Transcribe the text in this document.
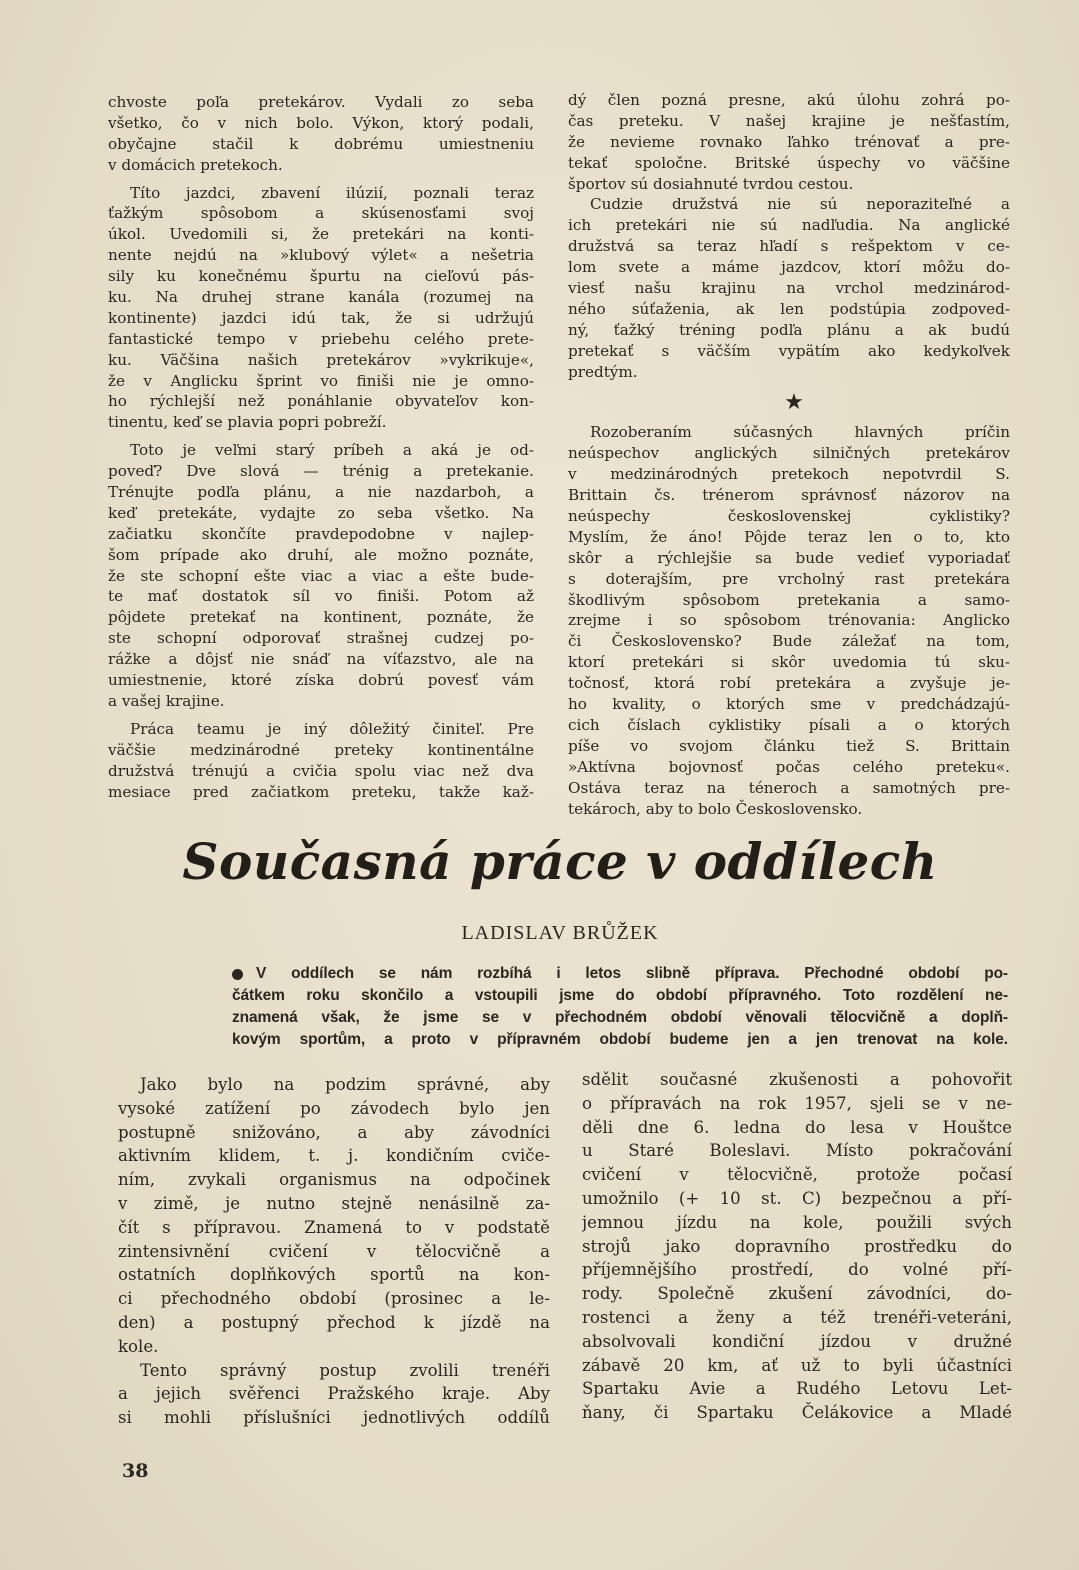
chvoste poľa pretekárov. Vydali zo seba
všetko, čo v nich bolo. Výkon, ktorý podali,
obyčajne stačil k dobrému umiestneniu
v domácich pretekoch.
Títo jazdci, zbavení ilúzií, poznali teraz
ťažkým spôsobom a skúsenosťami svoj
úkol. Uvedomili si, že pretekári na konti-
nente nejdú na »klubový výlet« a nešetria
sily ku konečnému špurtu na cieľovú pás-
ku. Na druhej strane kanála (rozumej na
kontinente) jazdci idú tak, že si udržujú
fantastické tempo v priebehu celého prete-
ku. Väčšina našich pretekárov »vykrikuje«,
že v Anglicku šprint vo finiši nie je omno-
ho rýchlejší než ponáhlanie obyvateľov kon-
tinentu, keď se plavia popri pobreží.
Toto je veľmi starý príbeh a aká je od-
poveď? Dve slová — trénig a pretekanie.
Trénujte podľa plánu, a nie nazdarboh, a
keď pretekáte, vydajte zo seba všetko. Na
začiatku skončíte pravdepodobne v najlep-
šom prípade ako druhí, ale možno poznáte,
že ste schopní ešte viac a viac a ešte bude-
te mať dostatok síl vo finiši. Potom až
pôjdete pretekať na kontinent, poznáte, že
ste schopní odporovať strašnej cudzej po-
rážke a dôjsť nie snáď na víťazstvo, ale na
umiestnenie, ktoré získa dobrú povesť vám
a vašej krajine.
Práca teamu je iný dôležitý činiteľ. Pre
väčšie medzinárodné preteky kontinentálne
družstvá trénujú a cvičia spolu viac než dva
mesiace pred začiatkom preteku, takže kaž-
dý člen pozná presne, akú úlohu zohrá po-
čas preteku. V našej krajine je nešťastím,
že nevieme rovnako ľahko trénovať a pre-
tekať spoločne. Britské úspechy vo väčšine
športov sú dosiahnuté tvrdou cestou.
Cudzie družstvá nie sú neporaziteľné a
ich pretekári nie sú nadľudia. Na anglické
družstvá sa teraz hľadí s rešpektom v ce-
lom svete a máme jazdcov, ktorí môžu do-
viesť našu krajinu na vrchol medzinárod-
ného súťaženia, ak len podstúpia zodpoved-
ný, ťažký tréning podľa plánu a ak budú
pretekať s väčším vypätím ako kedykoľvek
predtým.
★
Rozoberaním súčasných hlavných príčin
neúspechov anglických silničných pretekárov
v medzinárodných pretekoch nepotvrdil S.
Brittain čs. trénerom správnosť názorov na
neúspechy československej cyklistiky?
Myslím, že áno! Pôjde teraz len o to, kto
skôr a rýchlejšie sa bude vedieť vyporiadať
s doterajším, pre vrcholný rast pretekára
škodlivým spôsobom pretekania a samo-
zrejme i so spôsobom trénovania: Anglicko
či Československo? Bude záležať na tom,
ktorí pretekári si skôr uvedomia tú sku-
točnosť, ktorá robí pretekára a zvyšuje je-
ho kvality, o ktorých sme v predchádzajú-
cich číslach cyklistiky písali a o ktorých
píše vo svojom článku tiež S. Brittain
»Aktívna bojovnosť počas celého preteku«.
Ostáva teraz na téneroch a samotných pre-
tekároch, aby to bolo Československo.
Současná práce v oddílech
LADISLAV BRŮŽEK
V oddílech se nám rozbíhá i letos slibně příprava. Přechodné období po-
čátkem roku skončilo a vstoupili jsme do období přípravného. Toto rozdělení ne-
znamená však, že jsme se v přechodném období věnovali tělocvičně a doplň-
kovým sportům, a proto v přípravném období budeme jen a jen trenovat na kole.
Jako bylo na podzim správné, aby
vysoké zatížení po závodech bylo jen
postupně snižováno, a aby závodníci
aktivním klidem, t. j. kondičním cviče-
ním, zvykali organismus na odpočinek
v zimě, je nutno stejně nenásilně za-
čít s přípravou. Znamená to v podstatě
zintensivnění cvičení v tělocvičně a
ostatních doplňkových sportů na kon-
ci přechodného období (prosinec a le-
den) a postupný přechod k jízdě na
kole.
Tento správný postup zvolili trenéři
a jejich svěřenci Pražského kraje. Aby
si mohli příslušníci jednotlivých oddílů
sdělit současné zkušenosti a pohovořit
o přípravách na rok 1957, sjeli se v ne-
děli dne 6. ledna do lesa v Houštce
u Staré Boleslavi. Místo pokračování
cvičení v tělocvičně, protože počasí
umožnilo (+ 10 st. C) bezpečnou a pří-
jemnou jízdu na kole, použili svých
strojů jako dopravního prostředku do
příjemnějšího prostředí, do volné pří-
rody. Společně zkušení závodníci, do-
rostenci a ženy a též trenéři-veteráni,
absolvovali kondiční jízdou v družné
zábavě 20 km, ať už to byli účastníci
Spartaku Avie a Rudého Letovu Let-
ňany, či Spartaku Čelákovice a Mladé
38
